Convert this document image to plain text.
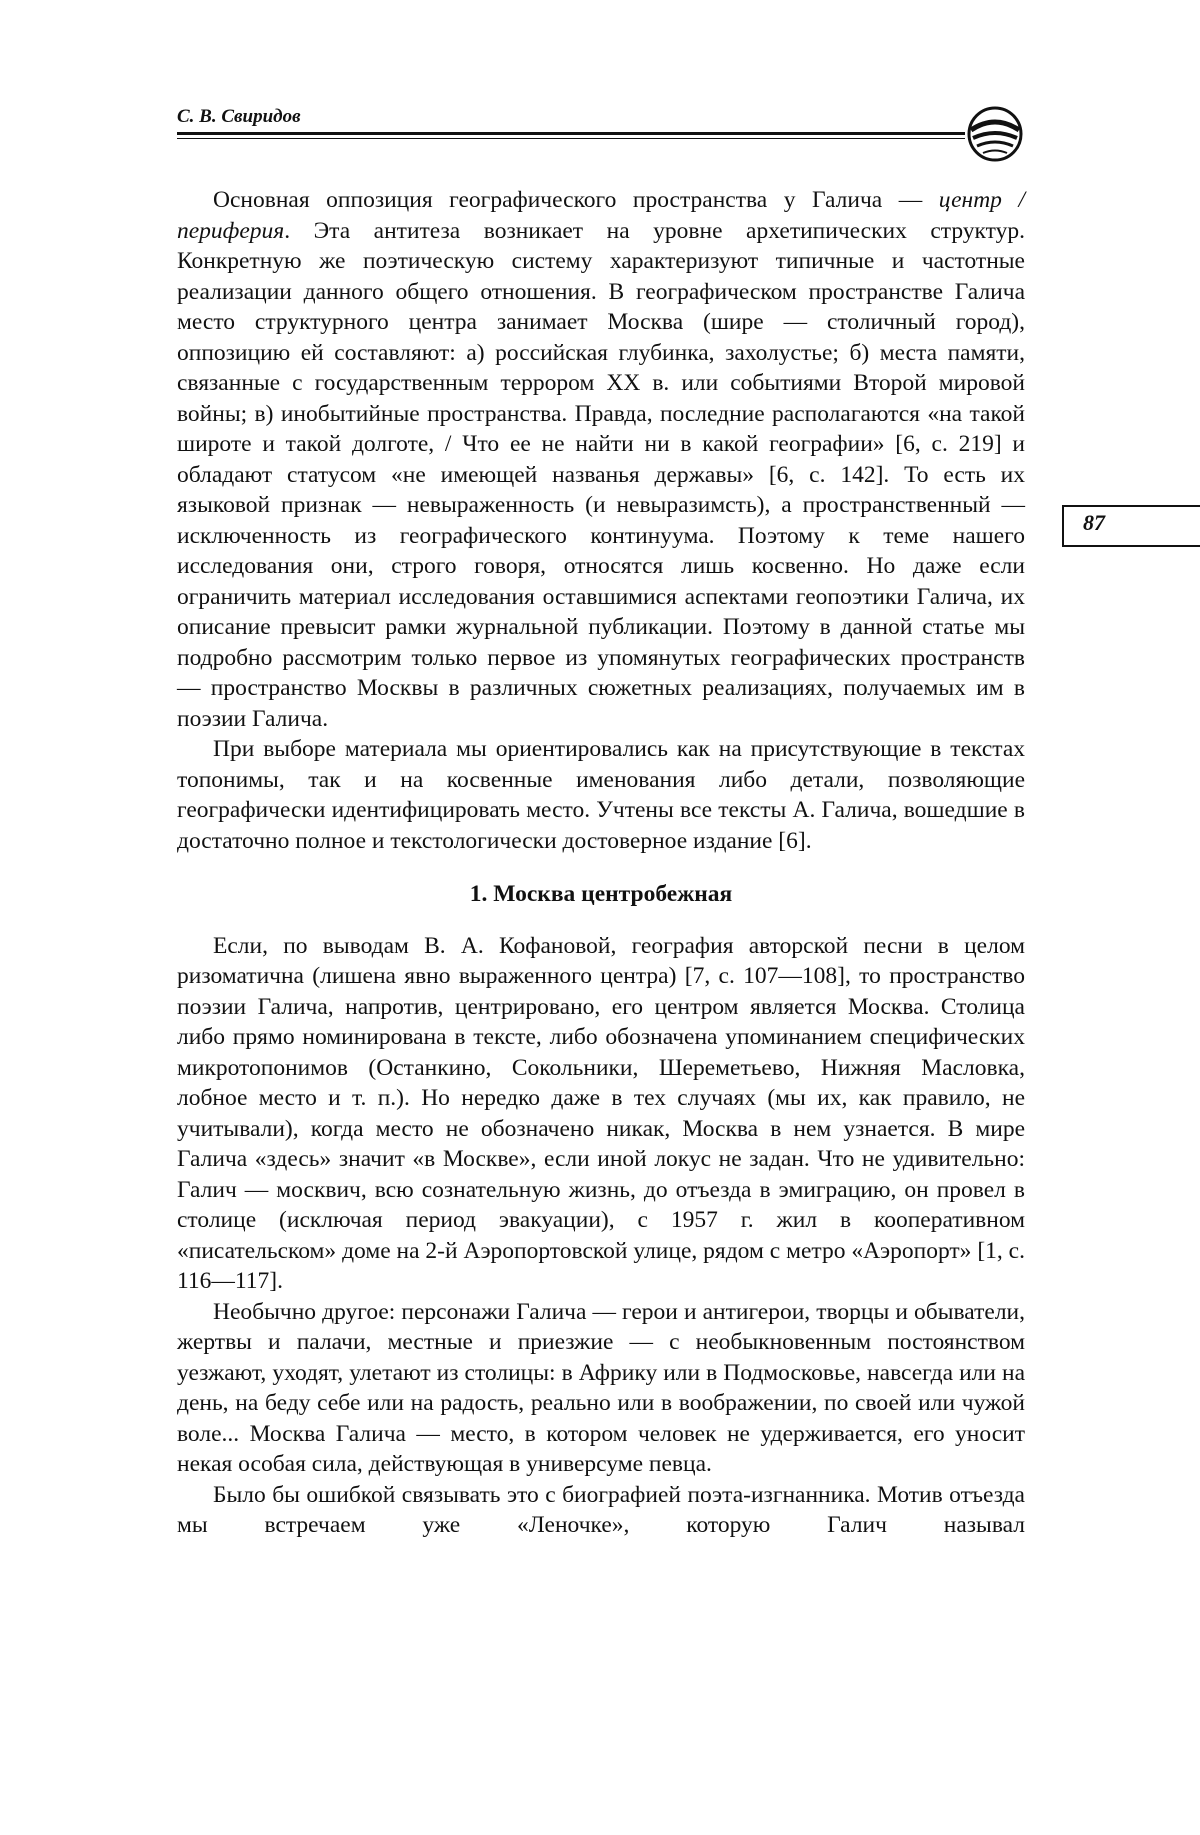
С. В. Свиридов
87

Основная оппозиция географического пространства у Галича — центр / периферия. Эта антитеза возникает на уровне архетипических структур. Конкретную же поэтическую систему характеризуют типичные и частотные реализации данного общего отношения. В географическом пространстве Галича место структурного центра занимает Москва (шире — столичный город), оппозицию ей составляют: а) российская глубинка, захолустье; б) места памяти, связанные с государственным террором XX в. или событиями Второй мировой войны; в) инобытийные пространства. Правда, последние располагаются «на такой широте и такой долготе, / Что ее не найти ни в какой географии» [6, с. 219] и обладают статусом «не имеющей названья державы» [6, с. 142]. То есть их языковой признак — невыраженность (и невыразимсть), а пространственный — исключенность из географического континуума. Поэтому к теме нашего исследования они, строго говоря, относятся лишь косвенно. Но даже если ограничить материал исследования оставшимися аспектами геопоэтики Галича, их описание превысит рамки журнальной публикации. Поэтому в данной статье мы подробно рассмотрим только первое из упомянутых географических пространств — пространство Москвы в различных сюжетных реализациях, получаемых им в поэзии Галича.

При выборе материала мы ориентировались как на присутствующие в текстах топонимы, так и на косвенные именования либо детали, позволяющие географически идентифицировать место. Учтены все тексты А. Галича, вошедшие в достаточно полное и текстологически достоверное издание [6].

1. Москва центробежная

Если, по выводам В. А. Кофановой, география авторской песни в целом ризоматична (лишена явно выраженного центра) [7, с. 107—108], то пространство поэзии Галича, напротив, центрировано, его центром является Москва. Столица либо прямо номинирована в тексте, либо обозначена упоминанием специфических микротопонимов (Останкино, Сокольники, Шереметьево, Нижняя Масловка, лобное место и т. п.). Но нередко даже в тех случаях (мы их, как правило, не учитывали), когда место не обозначено никак, Москва в нем узнается. В мире Галича «здесь» значит «в Москве», если иной локус не задан. Что не удивительно: Галич — москвич, всю сознательную жизнь, до отъезда в эмиграцию, он провел в столице (исключая период эвакуации), с 1957 г. жил в кооперативном «писательском» доме на 2-й Аэропортовской улице, рядом с метро «Аэропорт» [1, с. 116—117].

Необычно другое: персонажи Галича — герои и антигерои, творцы и обыватели, жертвы и палачи, местные и приезжие — с необыкновенным постоянством уезжают, уходят, улетают из столицы: в Африку или в Подмосковье, навсегда или на день, на беду себе или на радость, реально или в воображении, по своей или чужой воле... Москва Галича — место, в котором человек не удерживается, его уносит некая особая сила, действующая в универсуме певца.

Было бы ошибкой связывать это с биографией поэта-изгнанника. Мотив отъезда мы встречаем уже «Леночке», которую Галич называл
